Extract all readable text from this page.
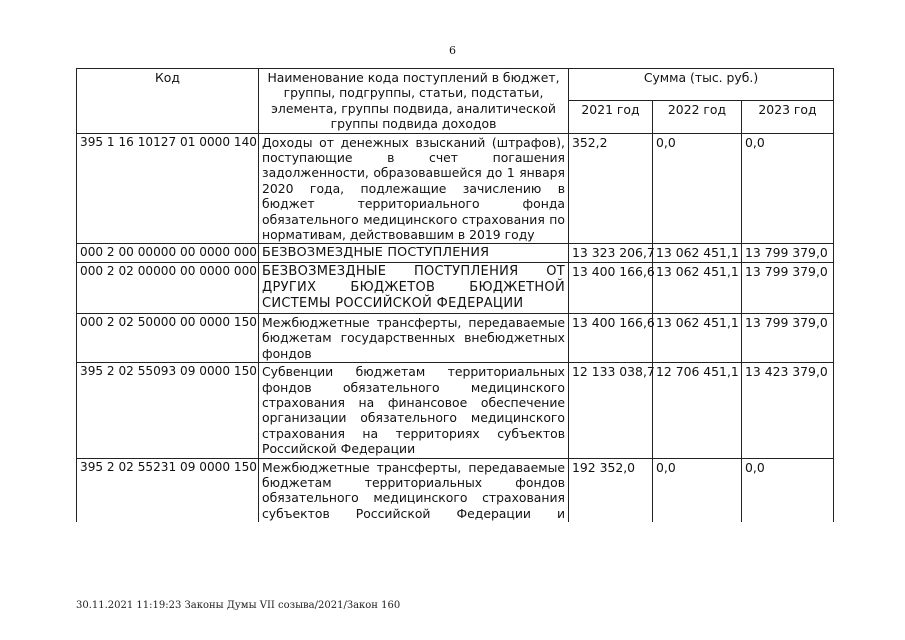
6
Код	Наименование кода поступлений в бюджет, группы, подгруппы, статьи, подстатьи, элемента, группы подвида, аналитической группы подвида доходов	Сумма (тыс. руб.)		
		2021 год	2022 год	2023 год
395 1 16 10127 01 0000 140	Доходы от денежных взысканий (штрафов), поступающие в счет погашения задолженности, образовавшейся до 1 января 2020 года, подлежащие зачислению в бюджет территориального фонда обязательного медицинского страхования по нормативам, действовавшим в 2019 году	352,2	0,0	0,0
000 2 00 00000 00 0000 000	БЕЗВОЗМЕЗДНЫЕ ПОСТУПЛЕНИЯ	13 323 206,7	13 062 451,1	13 799 379,0
000 2 02 00000 00 0000 000	БЕЗВОЗМЕЗДНЫЕ ПОСТУПЛЕНИЯ ОТ ДРУГИХ БЮДЖЕТОВ БЮДЖЕТНОЙ СИСТЕМЫ РОССИЙСКОЙ ФЕДЕРАЦИИ	13 400 166,6	13 062 451,1	13 799 379,0
000 2 02 50000 00 0000 150	Межбюджетные трансферты, передаваемые бюджетам государственных внебюджетных фондов	13 400 166,6	13 062 451,1	13 799 379,0
395 2 02 55093 09 0000 150	Субвенции бюджетам территориальных фондов обязательного медицинского страхования на финансовое обеспечение организации обязательного медицинского страхования на территориях субъектов Российской Федерации	12 133 038,7	12 706 451,1	13 423 379,0
395 2 02 55231 09 0000 150	Межбюджетные трансферты, передаваемые бюджетам территориальных фондов обязательного медицинского страхования субъектов Российской Федерации и	192 352,0	0,0	0,0
30.11.2021 11:19:23 Законы Думы VII созыва/2021/Закон 160
